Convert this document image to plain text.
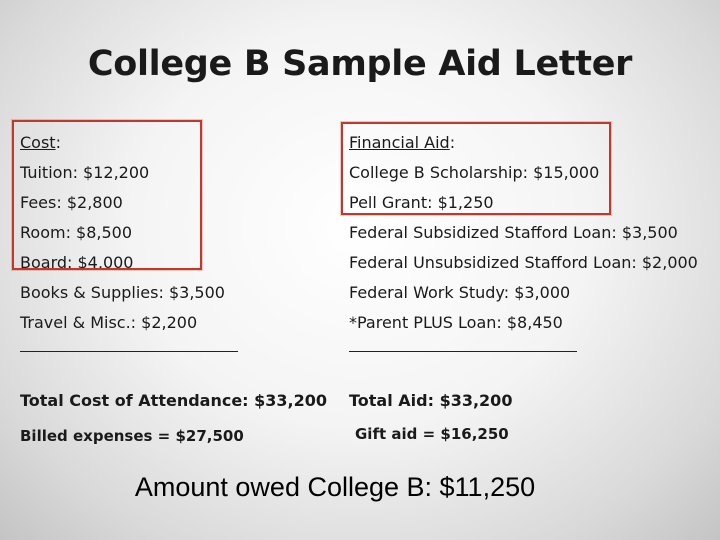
College B Sample Aid Letter
Cost:
Tuition: $12,200
Fees: $2,800
Room: $8,500
Board: $4,000
Books & Supplies: $3,500
Travel & Misc.: $2,200
Financial Aid:
College B Scholarship: $15,000
Pell Grant: $1,250
Federal Subsidized Stafford Loan: $3,500
Federal Unsubsidized Stafford Loan: $2,000
Federal Work Study: $3,000
*Parent PLUS Loan: $8,450
Total Cost of Attendance: $33,200 Total Aid: $33,200
Billed expenses = $27,500	Gift aid = $16,250
Amount owed College B: $11,250
